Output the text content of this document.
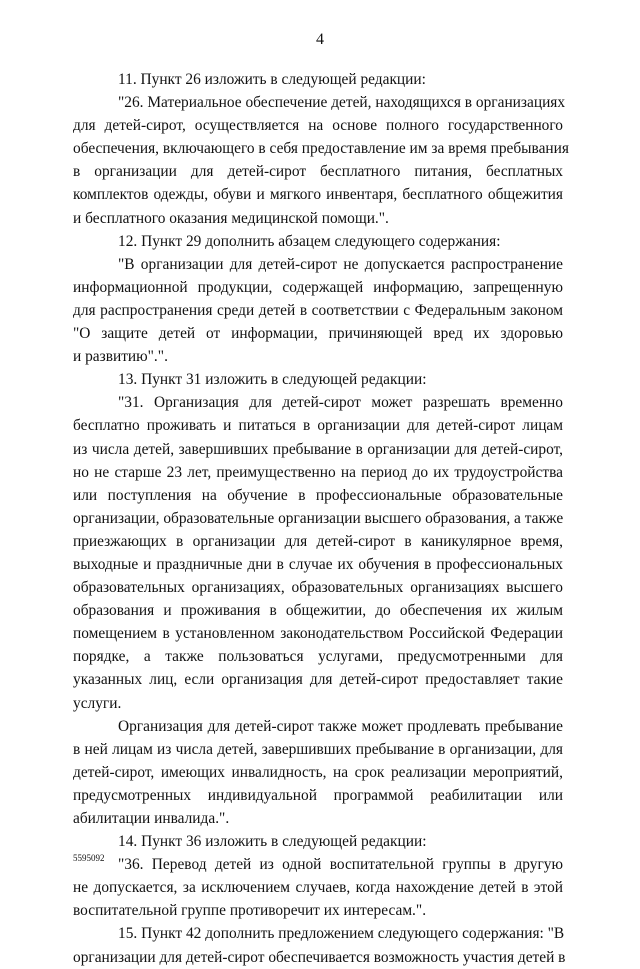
4
11. Пункт 26 изложить в следующей редакции:
"26. Материальное обеспечение детей, находящихся в организациях
для детей-сирот, осуществляется на основе полного государственного
обеспечения, включающего в себя предоставление им за время пребывания
в организации для детей-сирот бесплатного питания, бесплатных
комплектов одежды, обуви и мягкого инвентаря, бесплатного общежития
и бесплатного оказания медицинской помощи.".
12. Пункт 29 дополнить абзацем следующего содержания:
"В организации для детей-сирот не допускается распространение
информационной продукции, содержащей информацию, запрещенную
для распространения среди детей в соответствии с Федеральным законом
"О защите детей от информации, причиняющей вред их здоровью
и развитию".".
13. Пункт 31 изложить в следующей редакции:
"31. Организация для детей-сирот может разрешать временно
бесплатно проживать и питаться в организации для детей-сирот лицам
из числа детей, завершивших пребывание в организации для детей-сирот,
но не старше 23 лет, преимущественно на период до их трудоустройства
или поступления на обучение в профессиональные образовательные
организации, образовательные организации высшего образования, а также
приезжающих в организации для детей-сирот в каникулярное время,
выходные и праздничные дни в случае их обучения в профессиональных
образовательных организациях, образовательных организациях высшего
образования и проживания в общежитии, до обеспечения их жилым
помещением в установленном законодательством Российской Федерации
порядке, а также пользоваться услугами, предусмотренными для
указанных лиц, если организация для детей-сирот предоставляет такие
услуги.
Организация для детей-сирот также может продлевать пребывание
в ней лицам из числа детей, завершивших пребывание в организации, для
детей-сирот, имеющих инвалидность, на срок реализации мероприятий,
предусмотренных индивидуальной программой реабилитации или
абилитации инвалида.".
14. Пункт 36 изложить в следующей редакции:
"36. Перевод детей из одной воспитательной группы в другую
не допускается, за исключением случаев, когда нахождение детей в этой
воспитательной группе противоречит их интересам.".
15. Пункт 42 дополнить предложением следующего содержания: "В
организации для детей-сирот обеспечивается возможность участия детей в
5595092
